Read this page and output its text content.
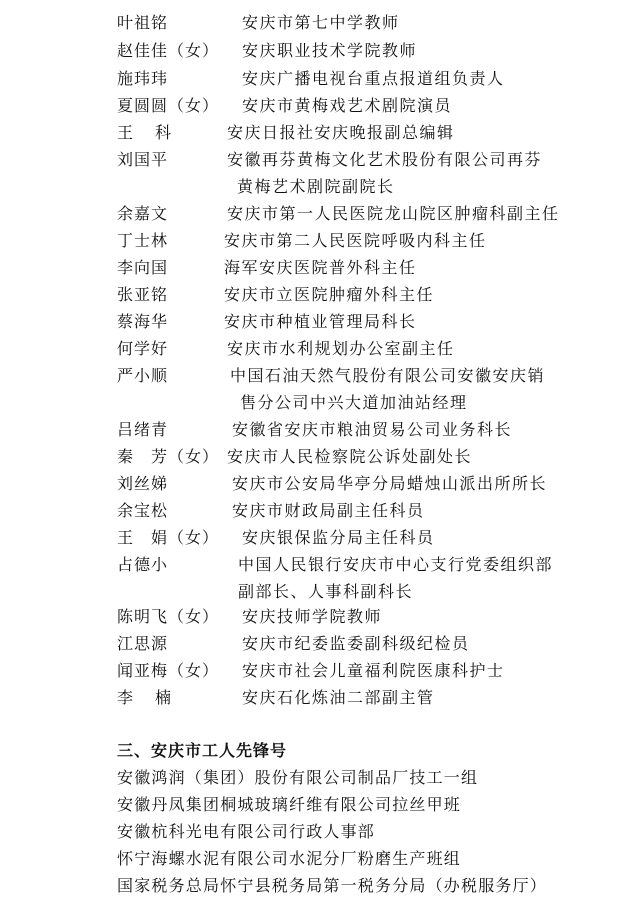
叶祖铭	安庆市第七中学教师
赵佳佳（女） 安庆职业技术学院教师
施玮玮	安庆广播电视台重点报道组负责人
夏圆圆（女） 安庆市黄梅戏艺术剧院演员
王　科	安庆日报社安庆晚报副总编辑
刘国平	安徽再芬黄梅文化艺术股份有限公司再芬
黄梅艺术剧院副院长
余嘉文	安庆市第一人民医院龙山院区肿瘤科副主任
丁士林	安庆市第二人民医院呼吸内科主任
李向国	海军安庆医院普外科主任
张亚铭	安庆市立医院肿瘤外科主任
蔡海华	安庆市种植业管理局科长
何学好	安庆市水利规划办公室副主任
严小顺	中国石油天然气股份有限公司安徽安庆销
售分公司中兴大道加油站经理
吕绪青	安徽省安庆市粮油贸易公司业务科长
秦　芳（女） 安庆市人民检察院公诉处副处长
刘丝娣	安庆市公安局华亭分局蜡烛山派出所所长
余宝松	安庆市财政局副主任科员
王　娟（女） 安庆银保监分局主任科员
占德小	中国人民银行安庆市中心支行党委组织部
副部长、人事科副科长
陈明飞（女） 安庆技师学院教师
江思源	安庆市纪委监委副科级纪检员
闻亚梅（女） 安庆市社会儿童福利院医康科护士
李　楠	安庆石化炼油二部副主管
三、安庆市工人先锋号
安徽鸿润（集团）股份有限公司制品厂技工一组
安徽丹凤集团桐城玻璃纤维有限公司拉丝甲班
安徽杭科光电有限公司行政人事部
怀宁海螺水泥有限公司水泥分厂粉磨生产班组
国家税务总局怀宁县税务局第一税务分局（办税服务厅）
